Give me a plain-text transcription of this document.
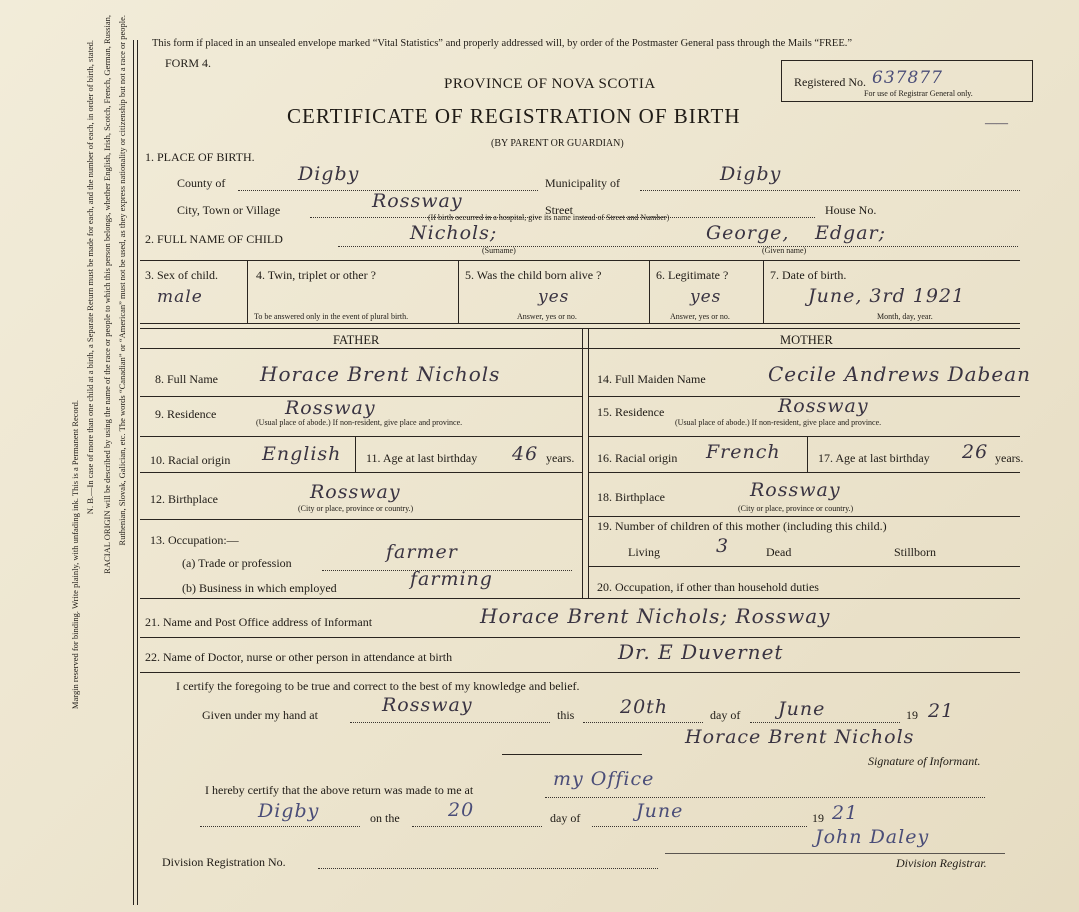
Margin reserved for binding. Write plainly, with unfading ink. This is a Permanent Record.
N. B.—In case of more than one child at a birth, a Separate Return must be made for each, and the number of each, in order of birth, stated. RACIAL ORIGIN will be described by using the name of the race or people to which this person belongs, whether English, Irish, Scotch, French, German, Russian, Ruthenian, Slovak, Galician, etc. The words “Canadian” or “American” must not be used, as they express nationality or citizenship but not a race or people. This form if placed in an unsealed envelope marked “Vital Statistics” and properly addressed will, by order of the Postmaster General pass through the Mails “FREE.”
FORM 4.
PROVINCE OF NOVA SCOTIA
CERTIFICATE OF REGISTRATION OF BIRTH
(BY PARENT OR GUARDIAN)
Registered No. 637877
For use of Registrar General only.
——
1. PLACE OF BIRTH.
County of	Digby	Municipality of	Digby
City, Town or Village	Rossway	Street	House No.
(If birth occurred in a hospital, give its name instead of Street and Number)
2. FULL NAME OF CHILD	Nichols;
(Surname)
George, Edgar;
(Given name)
3. Sex of child.
male
4. Twin, triplet or other ?
To be answered only in the event of plural birth.
5. Was the child born alive ?
yes
Answer, yes or no.
6. Legitimate ?
yes
Answer, yes or no.
7. Date of birth.
June, 3rd 1921
Month, day, year.
FATHER	MOTHER
8. Full Name Horace Brent Nichols
9. Residence	Rossway
(Usual place of abode.) If non-resident, give place and province.
10. Racial origin English 11. Age at last birthday 46 years.
12. Birthplace	Rossway
(City or place, province or country.)
13. Occupation:—
(a) Trade or profession	farmer
(b) Business in which employed	farming
14. Full Maiden Name	Cecile Andrews Dabean
15. Residence	Rossway
(Usual place of abode.) If non-resident, give place and province.
16. Racial origin French	17. Age at last birthday 26 years.
18. Birthplace	Rossway
(City or place, province or country.)
19. Number of children of this mother (including this child.)
Living	3	Dead	Stillborn
20. Occupation, if other than household duties
21. Name and Post Office address of Informant	Horace Brent Nichols; Rossway
22. Name of Doctor, nurse or other person in attendance at birth	Dr. E Duvernet
I certify the foregoing to be true and correct to the best of my knowledge and belief.
Given under my hand at	Rossway	this 20th	day of June	19 21
Horace Brent Nichols
Signature of Informant.
I hereby certify that the above return was made to me at	my Office
Digby	on the	20	day of	June	19 21
Division Registration No.
John Daley
Division Registrar.
